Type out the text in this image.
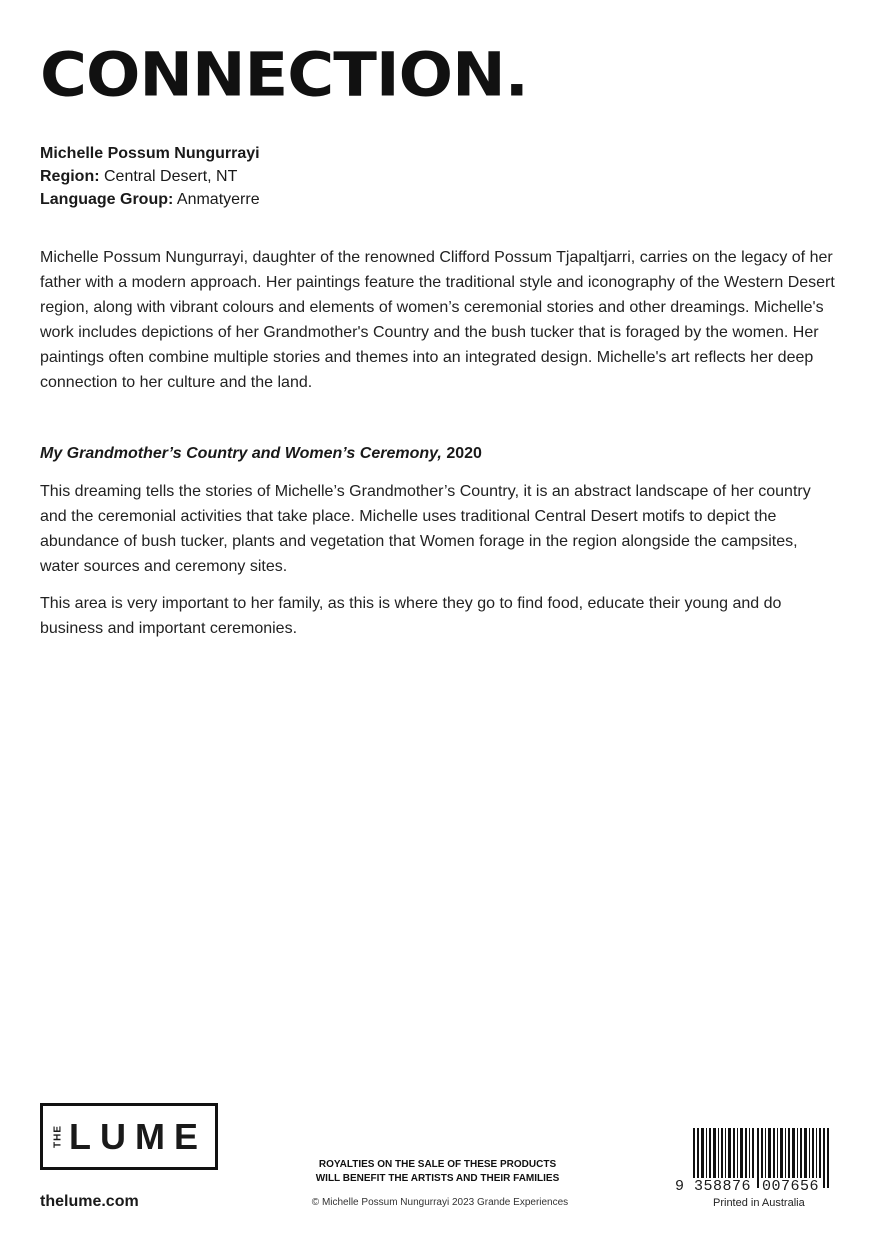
CONNECTION.
Michelle Possum Nungurrayi
Region: Central Desert, NT
Language Group: Anmatyerre
Michelle Possum Nungurrayi, daughter of the renowned Clifford Possum Tjapaltjarri, carries on the legacy of her father with a modern approach. Her paintings feature the traditional style and iconography of the Western Desert region, along with vibrant colours and elements of women’s ceremonial stories and other dreamings. Michelle's work includes depictions of her Grandmother's Country and the bush tucker that is foraged by the women. Her paintings often combine multiple stories and themes into an integrated design. Michelle's art reflects her deep connection to her culture and the land.
My Grandmother’s Country and Women’s Ceremony, 2020

This dreaming tells the stories of Michelle’s Grandmother’s Country, it is an abstract landscape of her country and the ceremonial activities that take place. Michelle uses traditional Central Desert motifs to depict the abundance of bush tucker, plants and vegetation that Women forage in the region alongside the campsites, water sources and ceremony sites.

This area is very important to her family, as this is where they go to find food, educate their young and do business and important ceremonies.

THE LUME
thelume.com
ROYALTIES ON THE SALE OF THESE PRODUCTS
WILL BENEFIT THE ARTISTS AND THEIR FAMILIES
© Michelle Possum Nungurrayi 2023 Grande Experiences
9 358876 007656
Printed in Australia
